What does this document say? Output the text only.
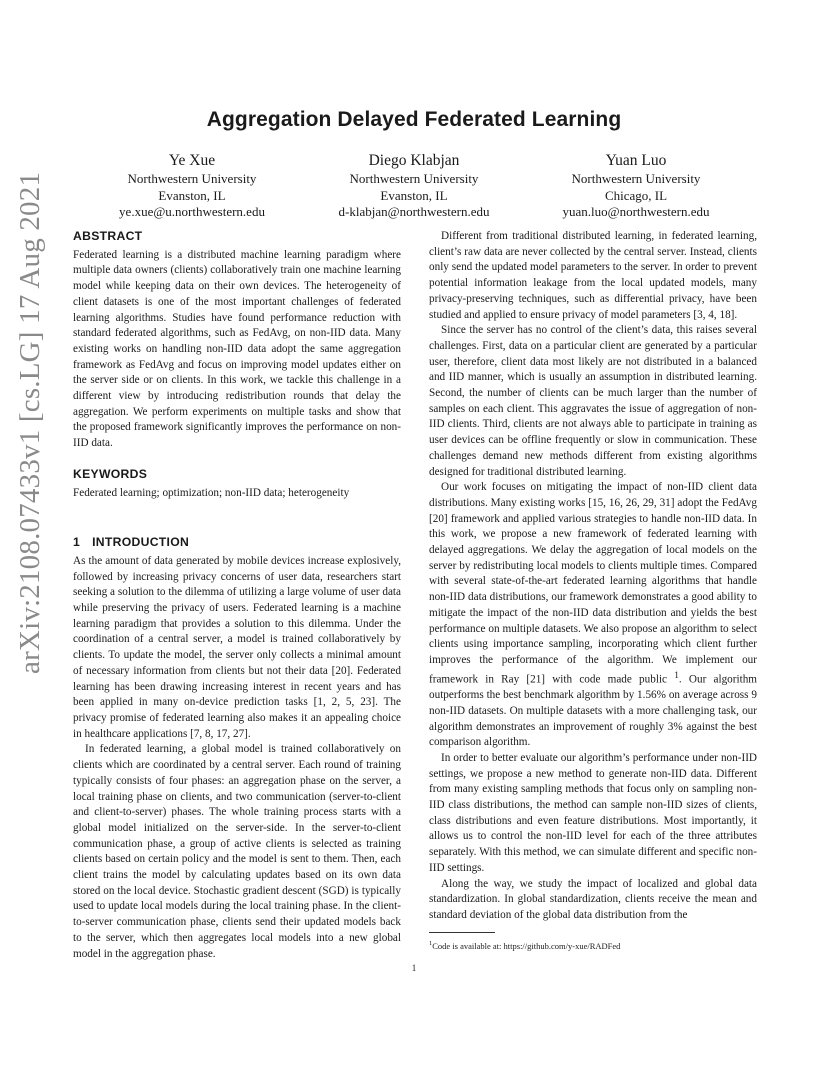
arXiv:2108.07433v1 [cs.LG] 17 Aug 2021
Aggregation Delayed Federated Learning
Ye Xue
Northwestern University
Evanston, IL
ye.xue@u.northwestern.edu
Diego Klabjan
Northwestern University
Evanston, IL
d-klabjan@northwestern.edu
Yuan Luo
Northwestern University
Chicago, IL
yuan.luo@northwestern.edu
ABSTRACT

Federated learning is a distributed machine learning paradigm where multiple data owners (clients) collaboratively train one machine learning model while keeping data on their own devices. The heterogeneity of client datasets is one of the most important challenges of federated learning algorithms. Studies have found performance reduction with standard federated algorithms, such as FedAvg, on non-IID data. Many existing works on handling non-IID data adopt the same aggregation framework as FedAvg and focus on improving model updates either on the server side or on clients. In this work, we tackle this challenge in a different view by introducing redistribution rounds that delay the aggregation. We perform experiments on multiple tasks and show that the proposed framework significantly improves the performance on non-IID data.

KEYWORDS

Federated learning; optimization; non-IID data; heterogeneity

1 INTRODUCTION

As the amount of data generated by mobile devices increase explosively, followed by increasing privacy concerns of user data, researchers start seeking a solution to the dilemma of utilizing a large volume of user data while preserving the privacy of users. Federated learning is a machine learning paradigm that provides a solution to this dilemma. Under the coordination of a central server, a model is trained collaboratively by clients. To update the model, the server only collects a minimal amount of necessary information from clients but not their data [20]. Federated learning has been drawing increasing interest in recent years and has been applied in many on-device prediction tasks [1, 2, 5, 23]. The privacy promise of federated learning also makes it an appealing choice in healthcare applications [7, 8, 17, 27].

In federated learning, a global model is trained collaboratively on clients which are coordinated by a central server. Each round of training typically consists of four phases: an aggregation phase on the server, a local training phase on clients, and two communication (server-to-client and client-to-server) phases. The whole training process starts with a global model initialized on the server-side. In the server-to-client communication phase, a group of active clients is selected as training clients based on certain policy and the model is sent to them. Then, each client trains the model by calculating updates based on its own data stored on the local device. Stochastic gradient descent (SGD) is typically used to update local models during the local training phase. In the client-to-server communication phase, clients send their updated models back to the server, which then aggregates local models into a new global model in the aggregation phase.

Different from traditional distributed learning, in federated learning, client’s raw data are never collected by the central server. Instead, clients only send the updated model parameters to the server. In order to prevent potential information leakage from the local updated models, many privacy-preserving techniques, such as differential privacy, have been studied and applied to ensure privacy of model parameters [3, 4, 18].

Since the server has no control of the client’s data, this raises several challenges. First, data on a particular client are generated by a particular user, therefore, client data most likely are not distributed in a balanced and IID manner, which is usually an assumption in distributed learning. Second, the number of clients can be much larger than the number of samples on each client. This aggravates the issue of aggregation of non-IID clients. Third, clients are not always able to participate in training as user devices can be offline frequently or slow in communication. These challenges demand new methods different from existing algorithms designed for traditional distributed learning.

Our work focuses on mitigating the impact of non-IID client data distributions. Many existing works [15, 16, 26, 29, 31] adopt the FedAvg [20] framework and applied various strategies to handle non-IID data. In this work, we propose a new framework of federated learning with delayed aggregations. We delay the aggregation of local models on the server by redistributing local models to clients multiple times. Compared with several state-of-the-art federated learning algorithms that handle non-IID data distributions, our framework demonstrates a good ability to mitigate the impact of the non-IID data distribution and yields the best performance on multiple datasets. We also propose an algorithm to select clients using importance sampling, incorporating which client further improves the performance of the algorithm. We implement our framework in Ray [21] with code made public $^1$. Our algorithm outperforms the best benchmark algorithm by 1.56% on average across 9 non-IID datasets. On multiple datasets with a more challenging task, our algorithm demonstrates an improvement of roughly 3% against the best comparison algorithm.

In order to better evaluate our algorithm’s performance under non-IID settings, we propose a new method to generate non-IID data. Different from many existing sampling methods that focus only on sampling non-IID class distributions, the method can sample non-IID sizes of clients, class distributions and even feature distributions. Most importantly, it allows us to control the non-IID level for each of the three attributes separately. With this method, we can simulate different and specific non-IID settings.

Along the way, we study the impact of localized and global data standardization. In global standardization, clients receive the mean and standard deviation of the global data distribution from the

$^1$Code is available at: https://github.com/y-xue/RADFed
1
